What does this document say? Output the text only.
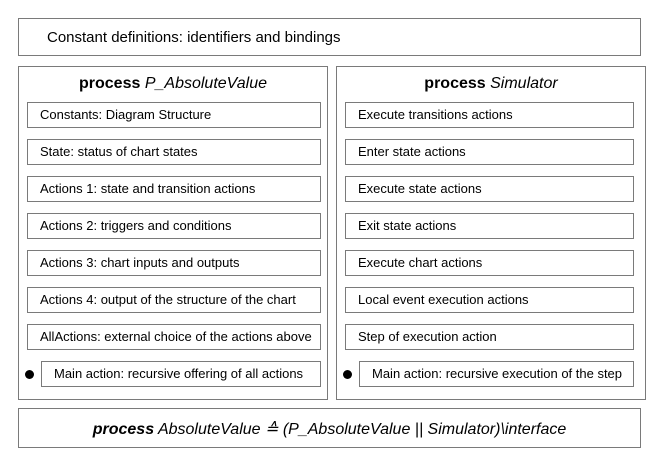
Constant definitions: identifiers and bindings
process P_AbsoluteValue
Constants: Diagram Structure
State: status of chart states
Actions 1: state and transition actions
Actions 2: triggers and conditions
Actions 3: chart inputs and outputs
Actions 4: output of the structure of the chart
AllActions: external choice of the actions above
Main action: recursive offering of all actions
process Simulator
Execute transitions actions
Enter state actions
Execute state actions
Exit state actions
Execute chart actions
Local event execution actions
Step of execution action
Main action: recursive execution of the step
process AbsoluteValue ≙ (P_AbsoluteValue || Simulator)\interface
